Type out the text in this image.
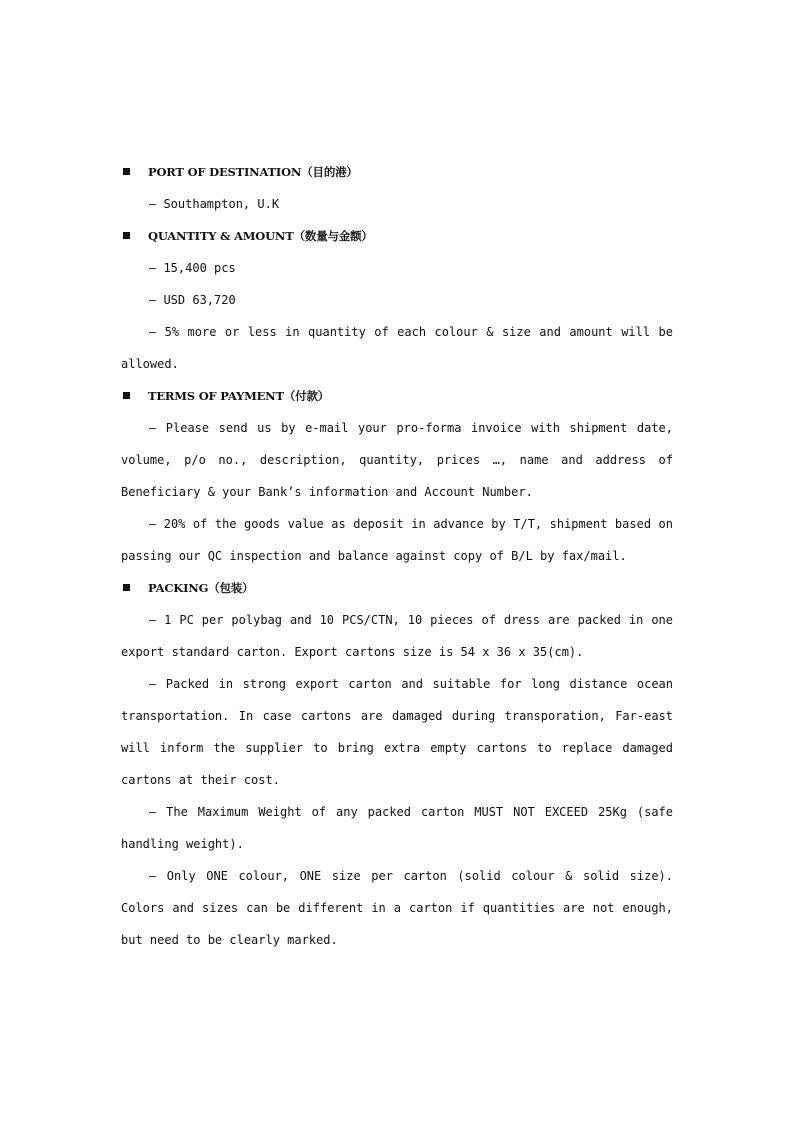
PORT OF DESTINATION（目的港）

– Southampton, U.K

QUANTITY & AMOUNT（数量与金额）

– 15,400 pcs

– USD 63,720

– 5% more or less in quantity of each colour & size and amount will be allowed.

TERMS OF PAYMENT（付款）

– Please send us by e-mail your pro-forma invoice with shipment date, volume, p/o no., description, quantity, prices …, name and address of Beneficiary & your Bank’s information and Account Number.

– 20% of the goods value as deposit in advance by T/T, shipment based on passing our QC inspection and balance against copy of B/L by fax/mail.

PACKING（包装）

– 1 PC per polybag and 10 PCS/CTN, 10 pieces of dress are packed in one export standard carton. Export cartons size is 54 x 36 x 35(cm).

– Packed in strong export carton and suitable for long distance ocean transportation. In case cartons are damaged during transporation, Far-east will inform the supplier to bring extra empty cartons to replace damaged cartons at their cost.

– The Maximum Weight of any packed carton MUST NOT EXCEED 25Kg (safe handling weight).

– Only ONE colour, ONE size per carton (solid colour & solid size). Colors and sizes can be different in a carton if quantities are not enough, but need to be clearly marked.
